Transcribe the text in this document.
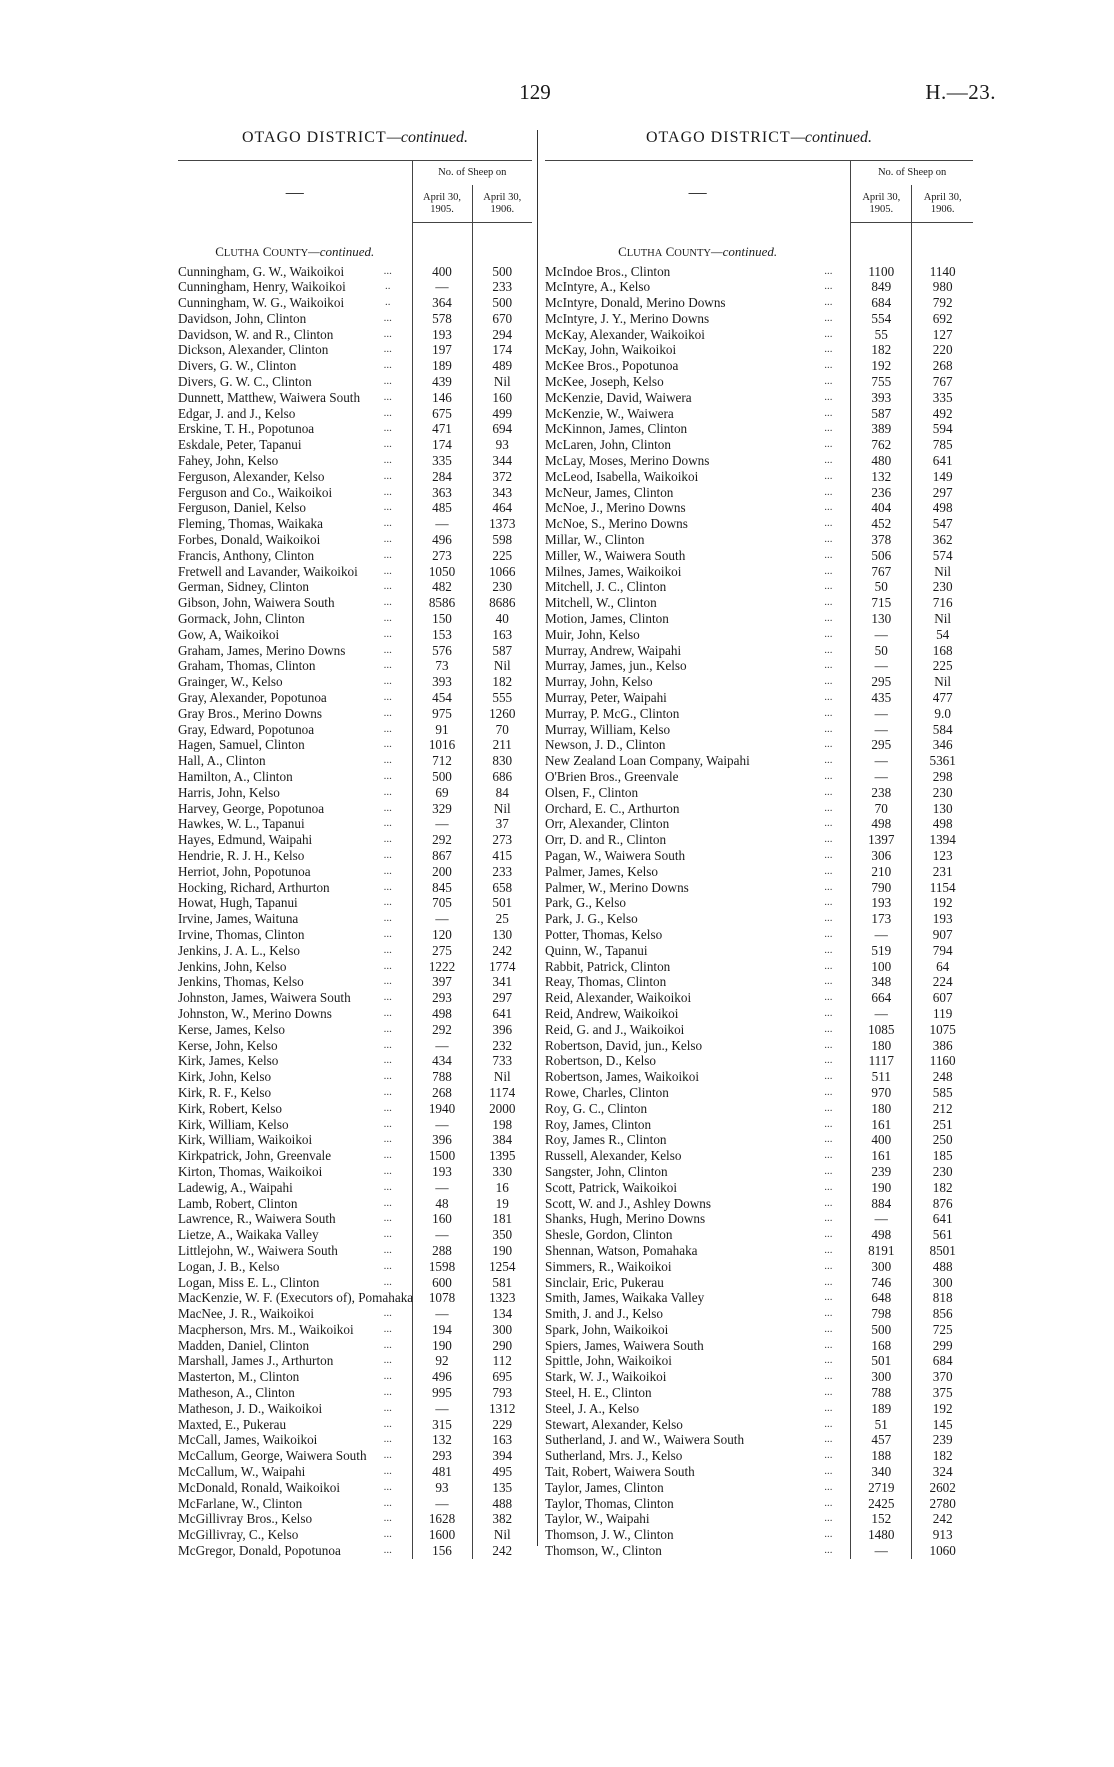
129	H.—23.
OTAGO DISTRICT—continued.
—		No. of Sheep on	
		April 30, 1905.	April 30, 1906.
CLUTHA COUNTY—continued.			
Cunningham, G. W., Waikoikoi	...	400	500
Cunningham, Henry, Waikoikoi	..	—	233
Cunningham, W. G., Waikoikoi	..	364	500
Davidson, John, Clinton	...	578	670
Davidson, W. and R., Clinton	...	193	294
Dickson, Alexander, Clinton	...	197	174
Divers, G. W., Clinton	...	189	489
Divers, G. W. C., Clinton	...	439	Nil
Dunnett, Matthew, Waiwera South	...	146	160
Edgar, J. and J., Kelso	...	675	499
Erskine, T. H., Popotunoa	...	471	694
Eskdale, Peter, Tapanui	...	174	93
Fahey, John, Kelso	...	335	344
Ferguson, Alexander, Kelso	...	284	372
Ferguson and Co., Waikoikoi	...	363	343
Ferguson, Daniel, Kelso	...	485	464
Fleming, Thomas, Waikaka	...	—	1373
Forbes, Donald, Waikoikoi	...	496	598
Francis, Anthony, Clinton	...	273	225
Fretwell and Lavander, Waikoikoi	...	1050	1066
German, Sidney, Clinton	...	482	230
Gibson, John, Waiwera South	...	8586	8686
Gormack, John, Clinton	...	150	40
Gow, A, Waikoikoi	...	153	163
Graham, James, Merino Downs	...	576	587
Graham, Thomas, Clinton	...	73	Nil
Grainger, W., Kelso	...	393	182
Gray, Alexander, Popotunoa	...	454	555
Gray Bros., Merino Downs	...	975	1260
Gray, Edward, Popotunoa	...	91	70
Hagen, Samuel, Clinton	...	1016	211
Hall, A., Clinton	...	712	830
Hamilton, A., Clinton	...	500	686
Harris, John, Kelso	...	69	84
Harvey, George, Popotunoa	...	329	Nil
Hawkes, W. L., Tapanui	...	—	37
Hayes, Edmund, Waipahi	...	292	273
Hendrie, R. J. H., Kelso	...	867	415
Herriot, John, Popotunoa	...	200	233
Hocking, Richard, Arthurton	...	845	658
Howat, Hugh, Tapanui	...	705	501
Irvine, James, Waituna	...	—	25
Irvine, Thomas, Clinton	...	120	130
Jenkins, J. A. L., Kelso	...	275	242
Jenkins, John, Kelso	...	1222	1774
Jenkins, Thomas, Kelso	...	397	341
Johnston, James, Waiwera South	...	293	297
Johnston, W., Merino Downs	...	498	641
Kerse, James, Kelso	...	292	396
Kerse, John, Kelso	...	—	232
Kirk, James, Kelso	...	434	733
Kirk, John, Kelso	...	788	Nil
Kirk, R. F., Kelso	...	268	1174
Kirk, Robert, Kelso	...	1940	2000
Kirk, William, Kelso	...	—	198
Kirk, William, Waikoikoi	...	396	384
Kirkpatrick, John, Greenvale	...	1500	1395
Kirton, Thomas, Waikoikoi	...	193	330
Ladewig, A., Waipahi	...	—	16
Lamb, Robert, Clinton	...	48	19
Lawrence, R., Waiwera South	...	160	181
Lietze, A., Waikaka Valley	...	—	350
Littlejohn, W., Waiwera South	...	288	190
Logan, J. B., Kelso	...	1598	1254
Logan, Miss E. L., Clinton	...	600	581
MacKenzie, W. F. (Executors of), Pomahaka		1078	1323
MacNee, J. R., Waikoikoi	...	—	134
Macpherson, Mrs. M., Waikoikoi	...	194	300
Madden, Daniel, Clinton	...	190	290
Marshall, James J., Arthurton	...	92	112
Masterton, M., Clinton	...	496	695
Matheson, A., Clinton	...	995	793
Matheson, J. D., Waikoikoi	...	—	1312
Maxted, E., Pukerau	...	315	229
McCall, James, Waikoikoi	...	132	163
McCallum, George, Waiwera South	...	293	394
McCallum, W., Waipahi	...	481	495
McDonald, Ronald, Waikoikoi	...	93	135
McFarlane, W., Clinton	...	—	488
McGillivray Bros., Kelso	...	1628	382
McGillivray, C., Kelso	...	1600	Nil
McGregor, Donald, Popotunoa	...	156	242
OTAGO DISTRICT—continued.
—		No. of Sheep on	
		April 30, 1905.	April 30, 1906.
CLUTHA COUNTY—continued.			
McIndoe Bros., Clinton	...	1100	1140
McIntyre, A., Kelso	...	849	980
McIntyre, Donald, Merino Downs	...	684	792
McIntyre, J. Y., Merino Downs	...	554	692
McKay, Alexander, Waikoikoi	...	55	127
McKay, John, Waikoikoi	...	182	220
McKee Bros., Popotunoa	...	192	268
McKee, Joseph, Kelso	...	755	767
McKenzie, David, Waiwera	...	393	335
McKenzie, W., Waiwera	...	587	492
McKinnon, James, Clinton	...	389	594
McLaren, John, Clinton	...	762	785
McLay, Moses, Merino Downs	...	480	641
McLeod, Isabella, Waikoikoi	...	132	149
McNeur, James, Clinton	...	236	297
McNoe, J., Merino Downs	...	404	498
McNoe, S., Merino Downs	...	452	547
Millar, W., Clinton	...	378	362
Miller, W., Waiwera South	...	506	574
Milnes, James, Waikoikoi	...	767	Nil
Mitchell, J. C., Clinton	...	50	230
Mitchell, W., Clinton	...	715	716
Motion, James, Clinton	...	130	Nil
Muir, John, Kelso	...	—	54
Murray, Andrew, Waipahi	...	50	168
Murray, James, jun., Kelso	...	—	225
Murray, John, Kelso	...	295	Nil
Murray, Peter, Waipahi	...	435	477
Murray, P. McG., Clinton	...	—	9.0
Murray, William, Kelso	...	—	584
Newson, J. D., Clinton	...	295	346
New Zealand Loan Company, Waipahi	...	—	5361
O'Brien Bros., Greenvale	...	—	298
Olsen, F., Clinton	...	238	230
Orchard, E. C., Arthurton	...	70	130
Orr, Alexander, Clinton	...	498	498
Orr, D. and R., Clinton	...	1397	1394
Pagan, W., Waiwera South	...	306	123
Palmer, James, Kelso	...	210	231
Palmer, W., Merino Downs	...	790	1154
Park, G., Kelso	...	193	192
Park, J. G., Kelso	...	173	193
Potter, Thomas, Kelso	...	—	907
Quinn, W., Tapanui	...	519	794
Rabbit, Patrick, Clinton	...	100	64
Reay, Thomas, Clinton	...	348	224
Reid, Alexander, Waikoikoi	...	664	607
Reid, Andrew, Waikoikoi	...	—	119
Reid, G. and J., Waikoikoi	...	1085	1075
Robertson, David, jun., Kelso	...	180	386
Robertson, D., Kelso	...	1117	1160
Robertson, James, Waikoikoi	...	511	248
Rowe, Charles, Clinton	...	970	585
Roy, G. C., Clinton	...	180	212
Roy, James, Clinton	...	161	251
Roy, James R., Clinton	...	400	250
Russell, Alexander, Kelso	...	161	185
Sangster, John, Clinton	...	239	230
Scott, Patrick, Waikoikoi	...	190	182
Scott, W. and J., Ashley Downs	...	884	876
Shanks, Hugh, Merino Downs	...	—	641
Shesle, Gordon, Clinton	...	498	561
Shennan, Watson, Pomahaka	...	8191	8501
Simmers, R., Waikoikoi	...	300	488
Sinclair, Eric, Pukerau	...	746	300
Smith, James, Waikaka Valley	...	648	818
Smith, J. and J., Kelso	...	798	856
Spark, John, Waikoikoi	...	500	725
Spiers, James, Waiwera South	...	168	299
Spittle, John, Waikoikoi	...	501	684
Stark, W. J., Waikoikoi	...	300	370
Steel, H. E., Clinton	...	788	375
Steel, J. A., Kelso	...	189	192
Stewart, Alexander, Kelso	...	51	145
Sutherland, J. and W., Waiwera South	...	457	239
Sutherland, Mrs. J., Kelso	...	188	182
Tait, Robert, Waiwera South	...	340	324
Taylor, James, Clinton	...	2719	2602
Taylor, Thomas, Clinton	...	2425	2780
Taylor, W., Waipahi	...	152	242
Thomson, J. W., Clinton	...	1480	913
Thomson, W., Clinton	...	—	1060
